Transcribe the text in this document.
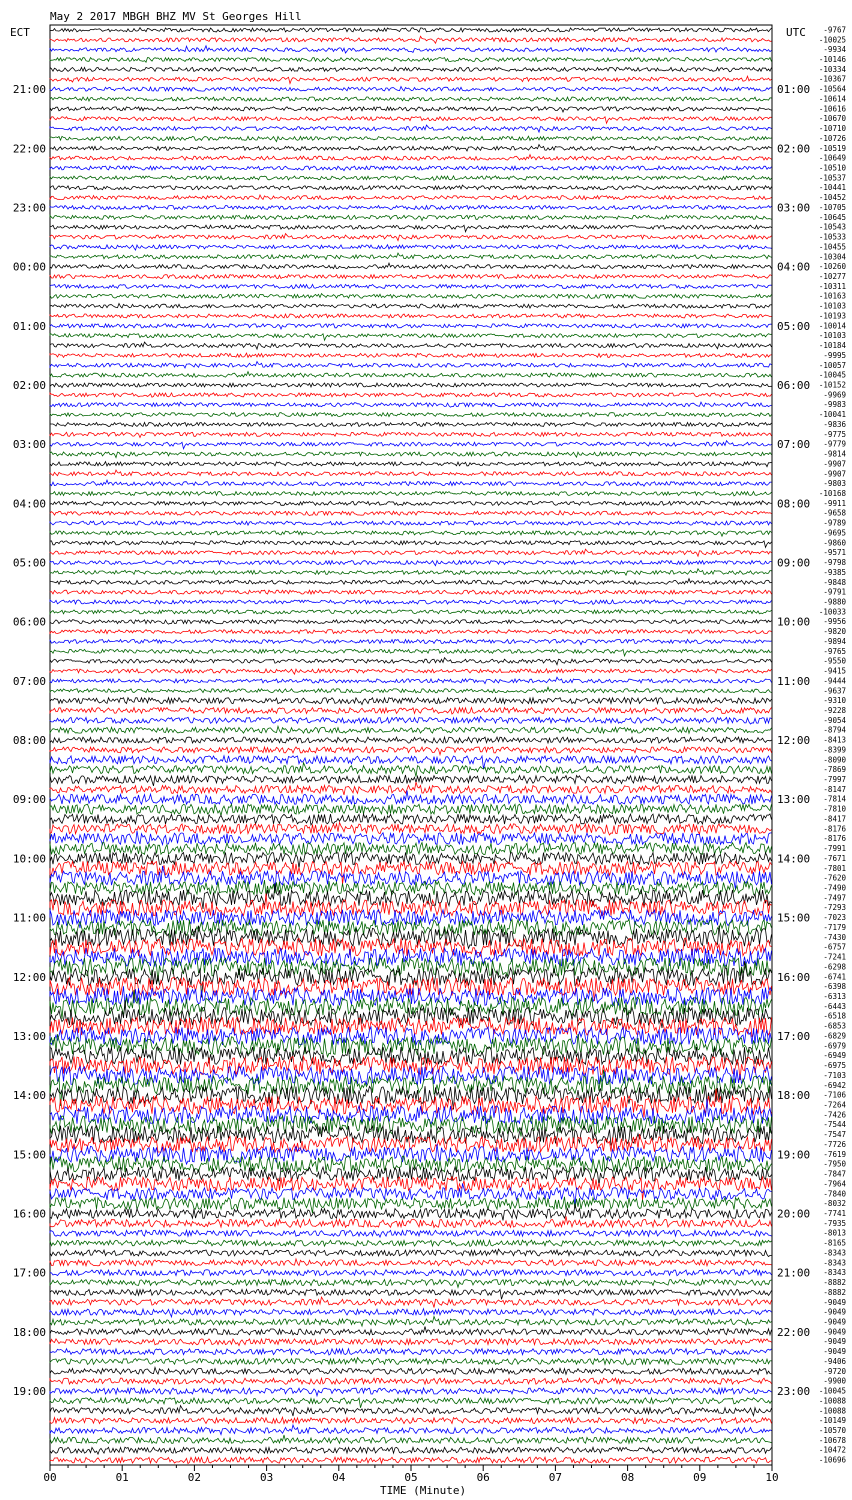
May 2 2017 MBGH BHZ MV St Georges Hill
ECT	UTC
21:00
22:00
23:00
00:00
01:00
02:00
03:00
04:00
05:00
06:00
07:00
08:00
09:00
10:00
11:00
12:00
13:00
14:00
15:00
16:00
17:00
18:00
19:00
01:00
02:00
03:00
04:00
05:00
06:00
07:00
08:00
09:00
10:00
11:00
12:00
13:00
14:00
15:00
16:00
17:00
18:00
19:00
20:00
21:00
22:00
23:00
-9767
-10025
-9934
-10146
-10334
-10367
-10564
-10614
-10616
-10670
-10710
-10726
-10519
-10649
-10510
-10537
-10441
-10452
-10705
-10645
-10543
-10533
-10455
-10304
-10260
-10277
-10311
-10163
-10103
-10193
-10014
-10103
-10184
-9995
-10057
-10045
-10152
-9969
-9983
-10041
-9836
-9775
-9779
-9814
-9907
-9907
-9803
-10168
-9911
-9658
-9789
-9695
-9860
-9571
-9798
-9385
-9848
-9791
-9880
-10033
-9956
-9820
-9894
-9765
-9550
-9415
-9444
-9637
-9310
-9228
-9054
-8794
-8413
-8399
-8090
-7869
-7997
-8147
-7814
-7810
-8417
-8176
-8176
-7991
-7671
-7801
-7620
-7490
-7497
-7293
-7023
-7179
-7430
-6757
-7241
-6298
-6741
-6398
-6313
-6443
-6518
-6853
-6829
-6979
-6949
-6975
-7103
-6942
-7106
-7264
-7426
-7544
-7547
-7726
-7619
-7950
-7847
-7964
-7840
-8032
-7741
-7935
-8013
-8165
-8343
-8343
-8343
-8882
-8882
-9049
-9049
-9049
-9049
-9049
-9049
-9406
-9720
-9900
-10045
-10088
-10088
-10149
-10570
-10678
-10472
-10696
00	01	02	03	04	05	06	07	08	09	10
TIME (Minute)
